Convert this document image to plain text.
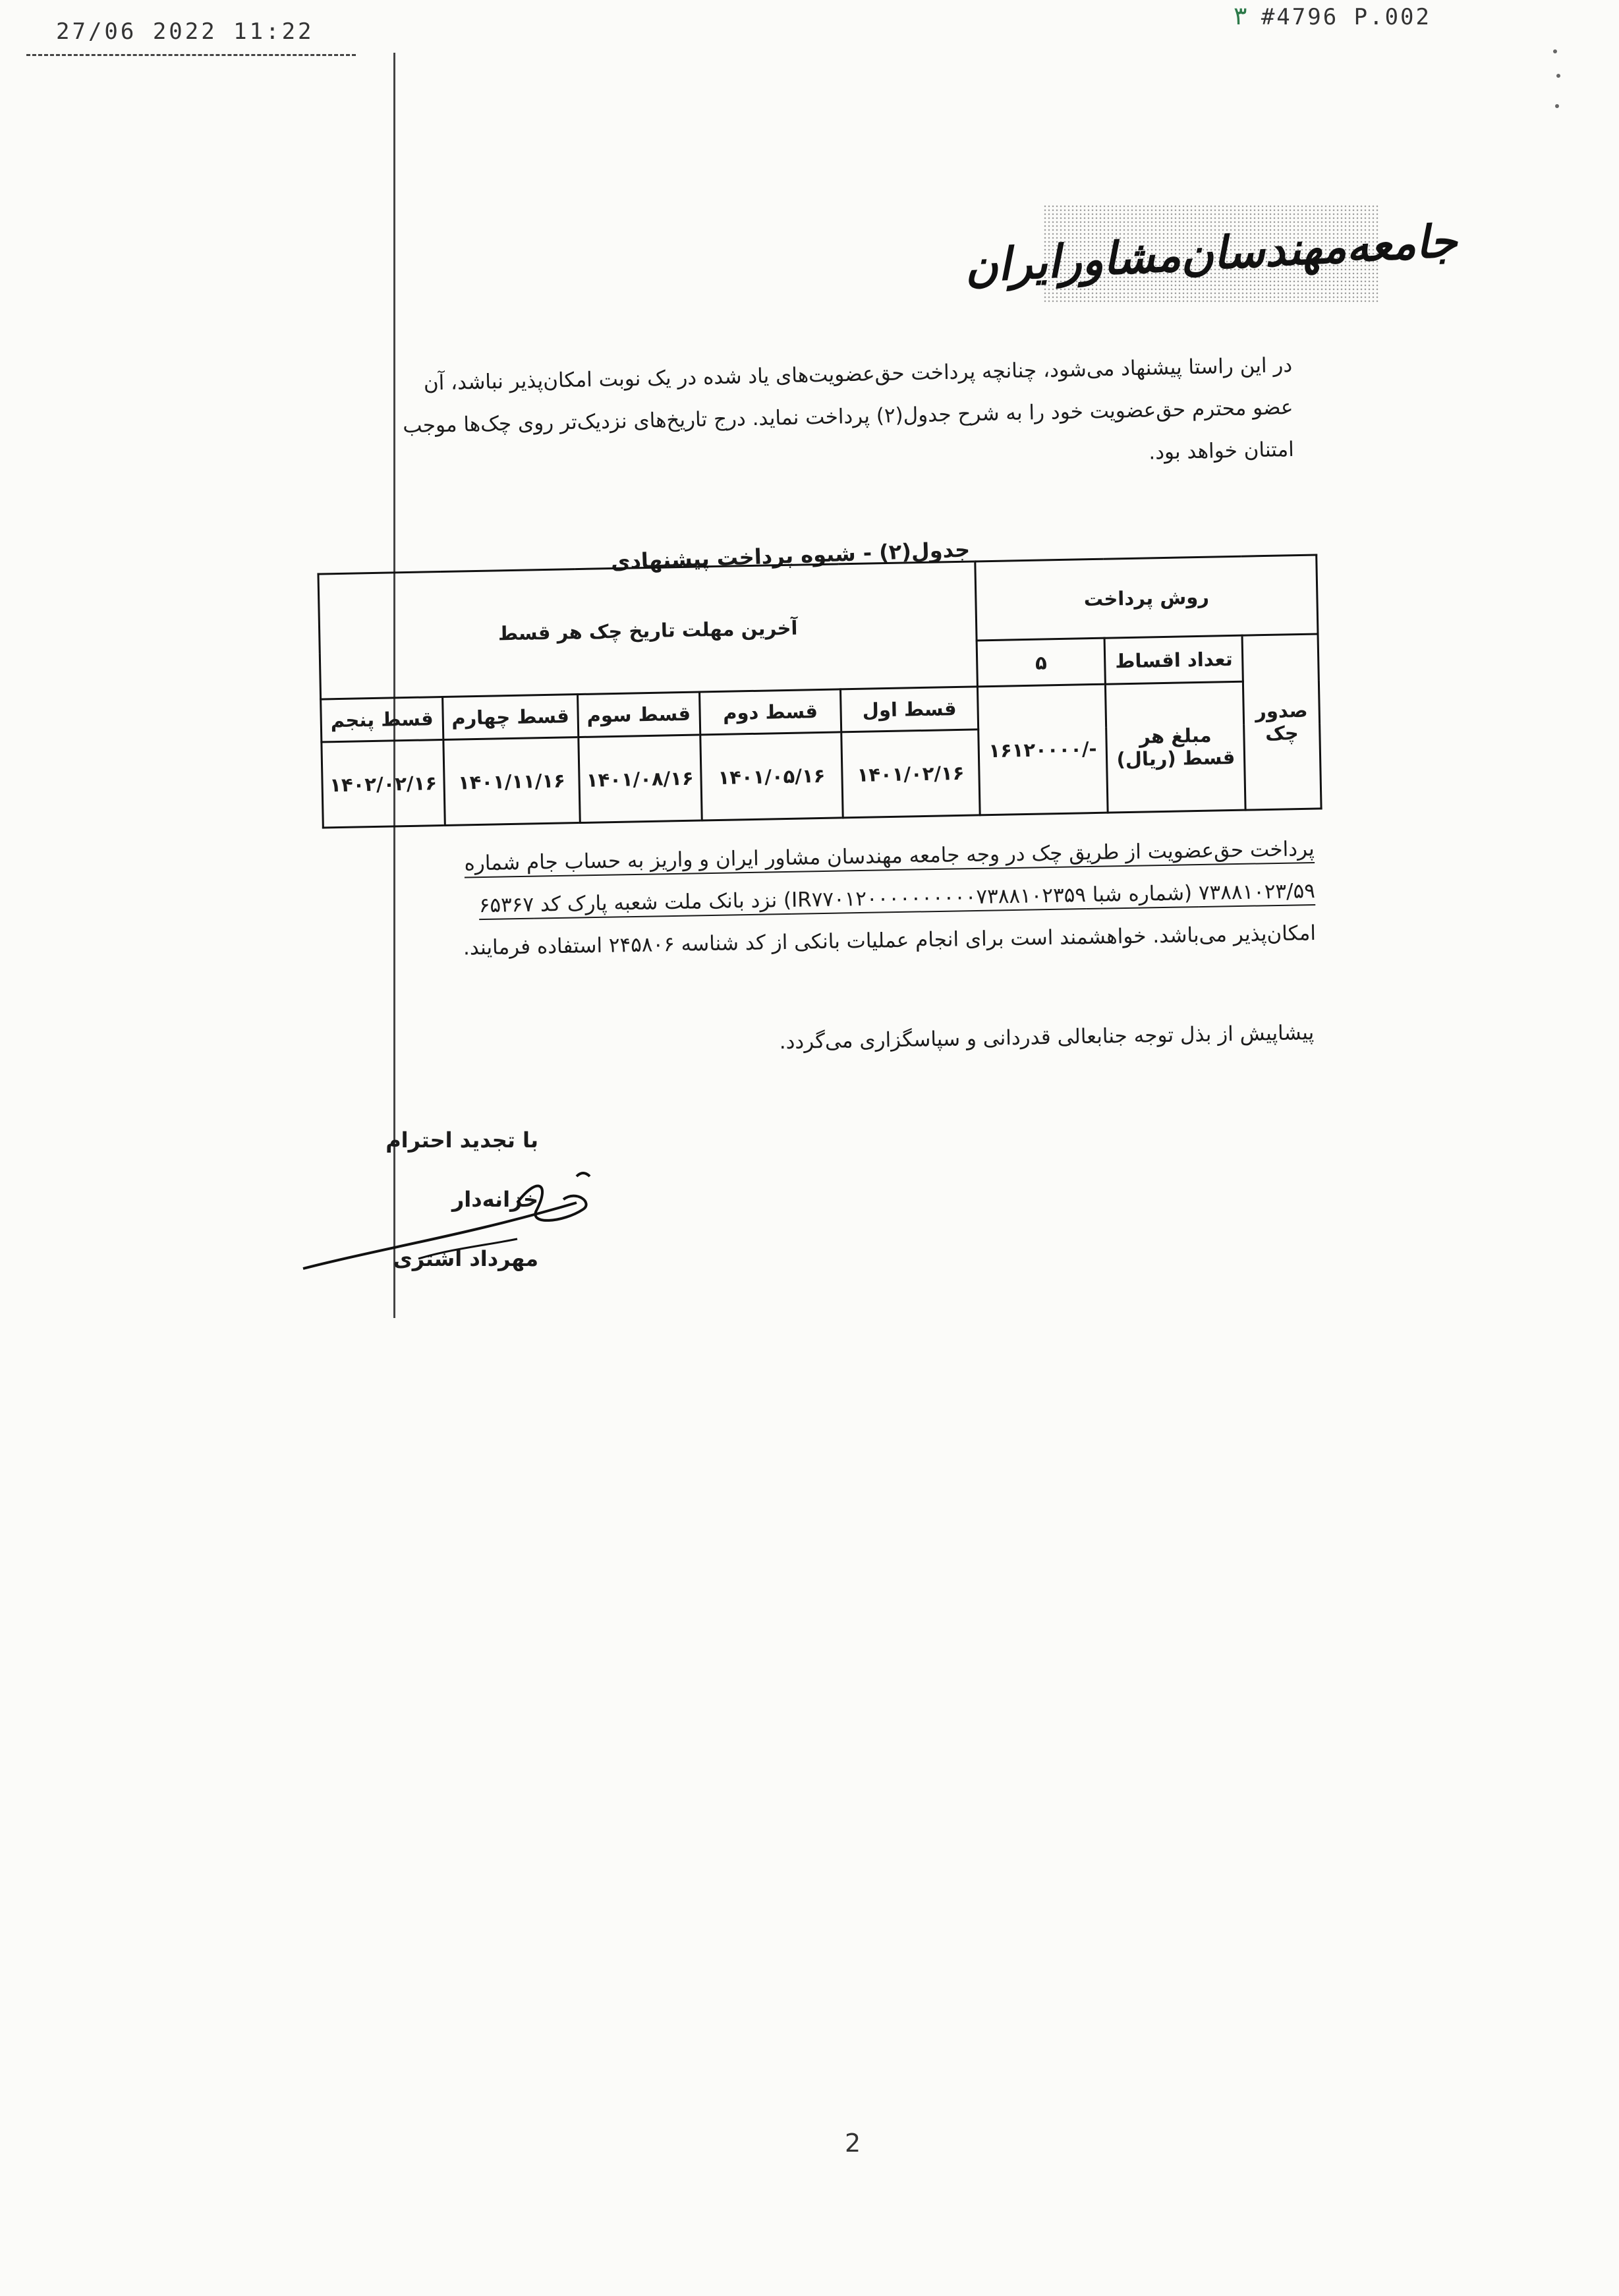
27/06 2022 11:22
۳ #4796 P.002
جامعه‌مهندسان‌مشاور‌ایران
در این راستا پیشنهاد می‌شود، چنانچه پرداخت حق‌عضویت‌های یاد شده در یک نوبت امکان‌پذیر نباشد، آن
عضو محترم حق‌عضویت خود را به شرح جدول(۲) پرداخت نماید. درج تاریخ‌های نزدیک‌تر روی چک‌ها موجب
امتنان خواهد بود.
جدول(۲) - شیوه پرداخت پیشنهادی
روش پرداخت			آخرین مهلت تاریخ چک هر قسط				
صدور چک	تعداد اقساط	۵					
	مبلغ هر قسط (ریال)	-/۱۶۱۲۰۰۰۰	قسط اول	قسط دوم	قسط سوم	قسط چهارم	قسط پنجم
			۱۴۰۱/۰۲/۱۶	۱۴۰۱/۰۵/۱۶	۱۴۰۱/۰۸/۱۶	۱۴۰۱/۱۱/۱۶	۱۴۰۲/۰۲/۱۶
پرداخت حق‌عضویت از طریق چک در وجه جامعه مهندسان مشاور ایران و واریز به حساب جام شماره
۷۳۸۸۱۰۲۳/۵۹ (شماره شبا IR۷۷۰۱۲۰۰۰۰۰۰۰۰۰۰۷۳۸۸۱۰۲۳۵۹) نزد بانک ملت شعبه پارک کد ۶۵۳۶۷
امکان‌پذیر می‌باشد. خواهشمند است برای انجام عملیات بانکی از کد شناسه ۲۴۵۸۰۶ استفاده فرمایند.
پیشاپیش از بذل توجه جنابعالی قدردانی و سپاسگزاری می‌گردد.
با تجدید احترام
خزانه‌دار
مهرداد اشتری
2
